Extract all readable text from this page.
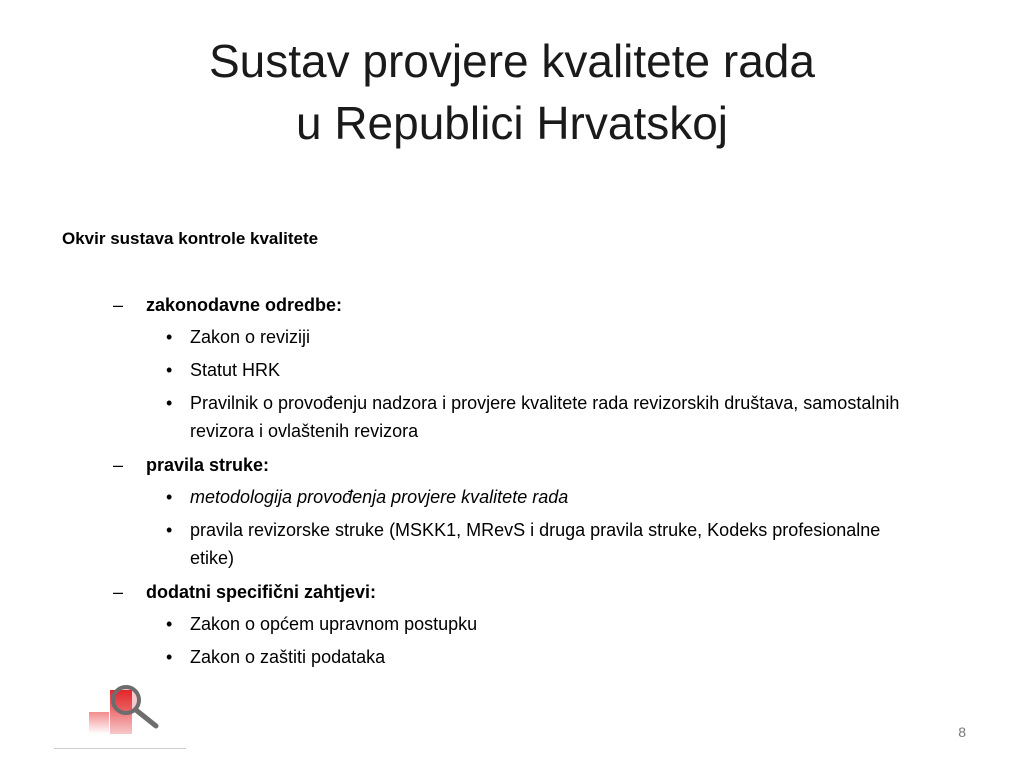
Sustav provjere kvalitete rada
u Republici Hrvatskoj
Okvir sustava kontrole kvalitete
– zakonodavne odredbe:
• Zakon o reviziji
• Statut HRK
• Pravilnik o provođenju nadzora i provjere kvalitete rada revizorskih društava, samostalnih revizora i ovlaštenih revizora
– pravila struke:
• metodologija provođenja provjere kvalitete rada
• pravila revizorske struke (MSKK1, MRevS i druga pravila struke, Kodeks profesionalne etike)
– dodatni specifični zahtjevi:
• Zakon o općem upravnom postupku
• Zakon o zaštiti podataka
8
